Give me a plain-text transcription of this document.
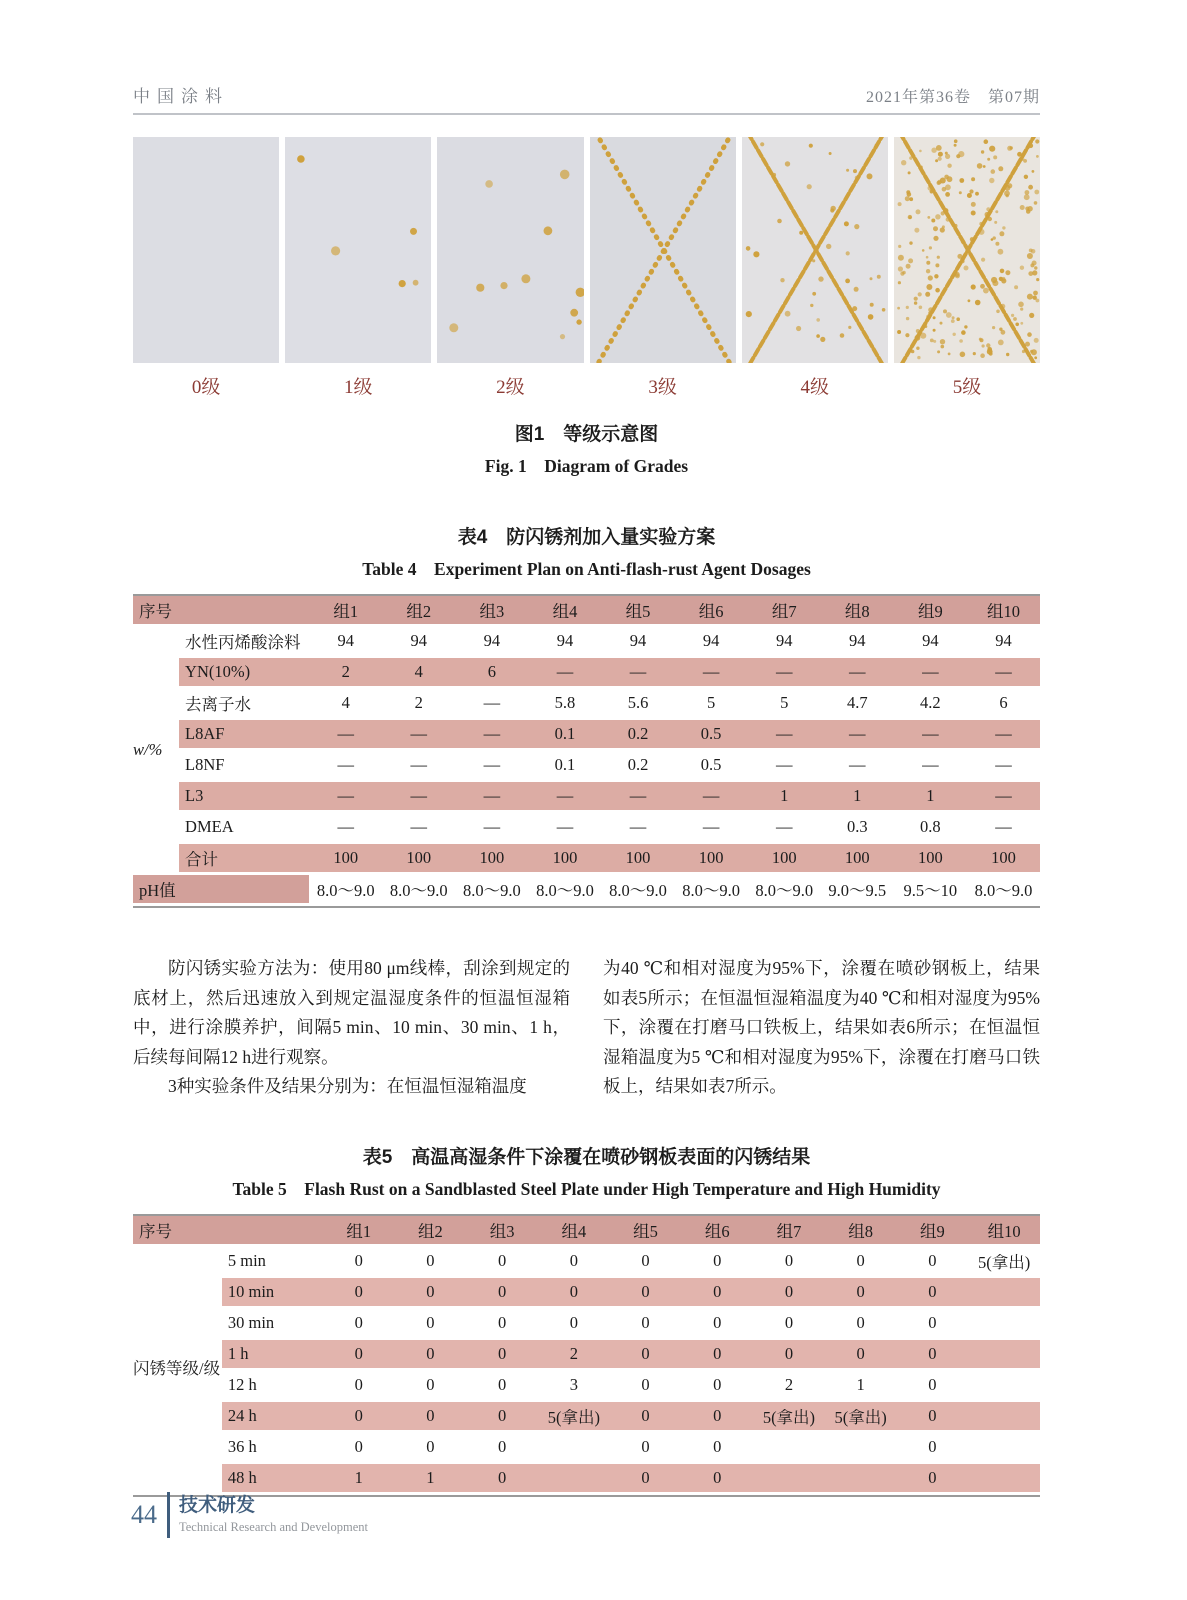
中国涂料	2021年第36卷　第07期
0级	1级	2级	3级	4级	5级
图1　等级示意图
Fig. 1　Diagram of Grades
表4　防闪锈剂加入量实验方案
Table 4　Experiment Plan on Anti-flash-rust Agent Dosages
序号		组1	组2	组3	组4	组5	组6	组7	组8	组9	组10
w/%	水性丙烯酸涂料	94	94	94	94	94	94	94	94	94	94
	YN(10%)	2	4	6	—	—	—	—	—	—	—
	去离子水	4	2	—	5.8	5.6	5	5	4.7	4.2	6
	L8AF	—	—	—	0.1	0.2	0.5	—	—	—	—
	L8NF	—	—	—	0.1	0.2	0.5	—	—	—	—
	L3	—	—	—	—	—	—	1	1	1	—
	DMEA	—	—	—	—	—	—	—	0.3	0.8	—
	合计	100	100	100	100	100	100	100	100	100	100
pH值		8.0～9.0	8.0～9.0	8.0～9.0	8.0～9.0	8.0～9.0	8.0～9.0	8.0～9.0	9.0～9.5	9.5～10	8.0～9.0

防闪锈实验方法为：使用80 μm线棒，刮涂到规定的底材上，然后迅速放入到规定温湿度条件的恒温恒湿箱中，进行涂膜养护，间隔5 min、10 min、30 min、1 h，后续每间隔12 h进行观察。

3种实验条件及结果分别为：在恒温恒湿箱温度

为40 ℃和相对湿度为95%下，涂覆在喷砂钢板上，结果如表5所示；在恒温恒湿箱温度为40 ℃和相对湿度为95%下，涂覆在打磨马口铁板上，结果如表6所示；在恒温恒湿箱温度为5 ℃和相对湿度为95%下，涂覆在打磨马口铁板上，结果如表7所示。

表5　高温高湿条件下涂覆在喷砂钢板表面的闪锈结果
Table 5　Flash Rust on a Sandblasted Steel Plate under High Temperature and High Humidity
序号		组1	组2	组3	组4	组5	组6	组7	组8	组9	组10
闪锈等级/级	5 min	0	0	0	0	0	0	0	0	0	5(拿出)
	10 min	0	0	0	0	0	0	0	0	0	
	30 min	0	0	0	0	0	0	0	0	0	
	1 h	0	0	0	2	0	0	0	0	0	
	12 h	0	0	0	3	0	0	2	1	0	
	24 h	0	0	0	5(拿出)	0	0	5(拿出)	5(拿出)	0	
	36 h	0	0	0		0	0			0	
	48 h	1	1	0		0	0			0	
44 技术研发
Technical Research and Development
